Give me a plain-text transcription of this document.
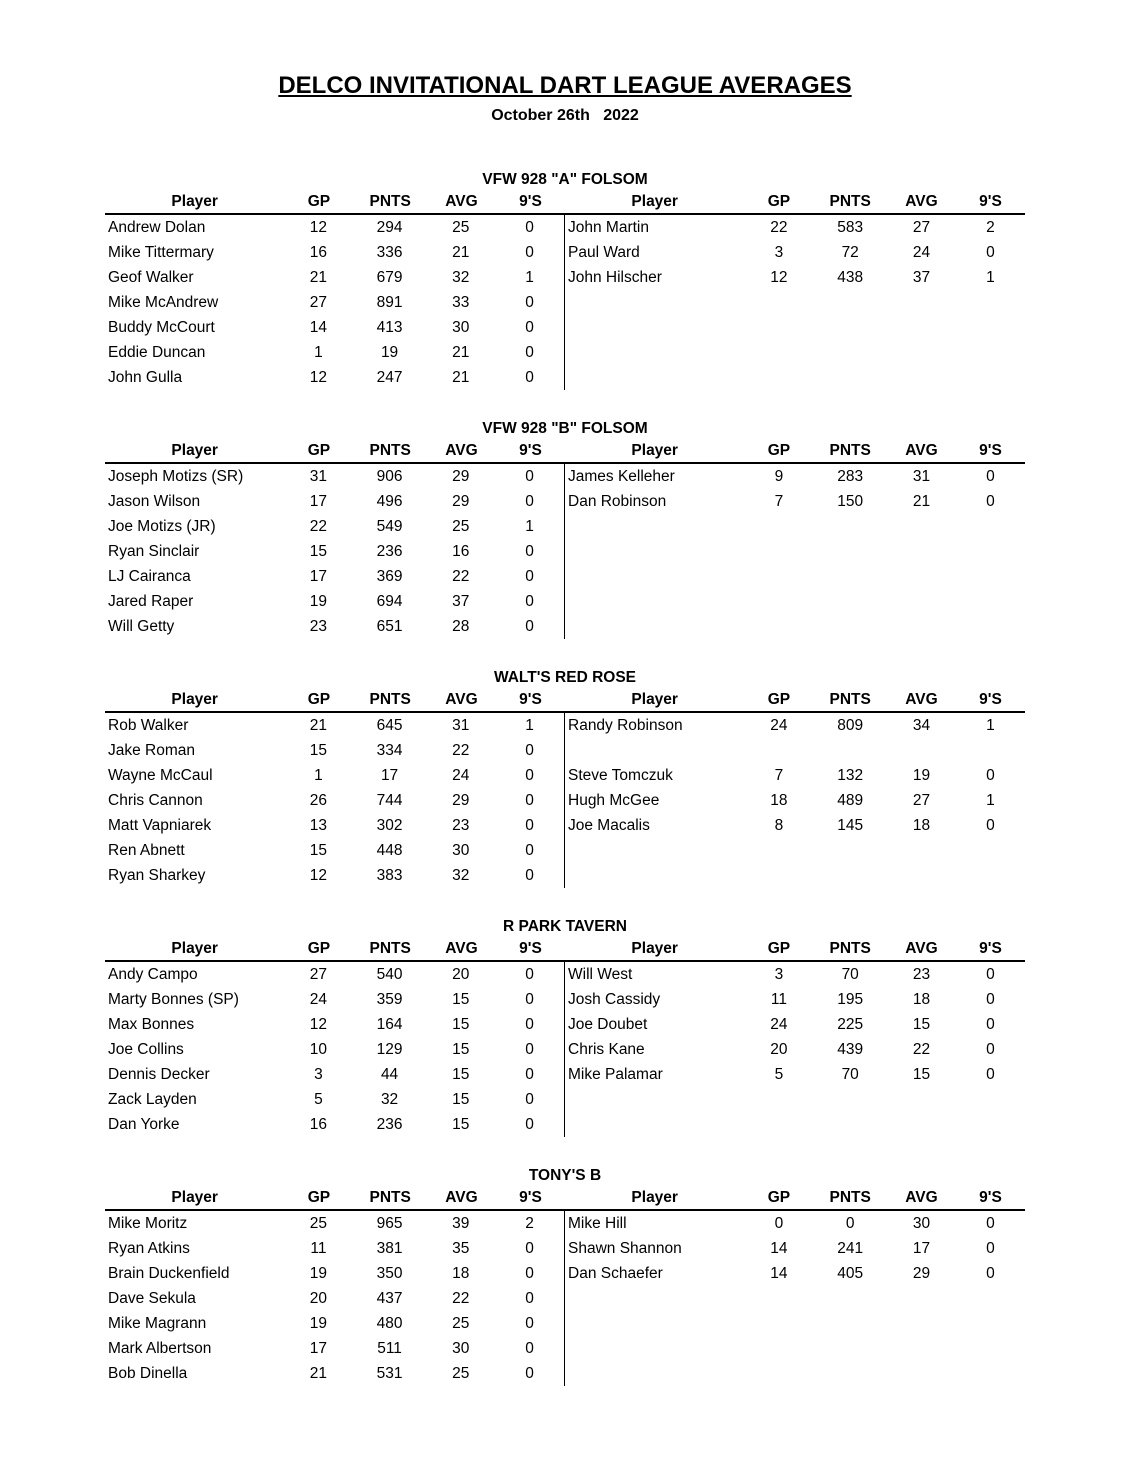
DELCO INVITATIONAL DART LEAGUE AVERAGES
October 26th   2022
VFW 928 "A" FOLSOM
Player	GP	PNTS	AVG	9'S	Player	GP	PNTS	AVG	9'S
Andrew Dolan	12	294	25	0	John Martin	22	583	27	2
Mike Tittermary	16	336	21	0	Paul Ward	3	72	24	0
Geof Walker	21	679	32	1	John Hilscher	12	438	37	1
Mike McAndrew	27	891	33	0
Buddy McCourt	14	413	30	0
Eddie Duncan	1	19	21	0
John Gulla	12	247	21	0
VFW 928 "B" FOLSOM
Player	GP	PNTS	AVG	9'S	Player	GP	PNTS	AVG	9'S
Joseph Motizs (SR)	31	906	29	0	James Kelleher	9	283	31	0
Jason Wilson	17	496	29	0	Dan Robinson	7	150	21	0
Joe Motizs (JR)	22	549	25	1
Ryan Sinclair	15	236	16	0
LJ Cairanca	17	369	22	0
Jared Raper	19	694	37	0
Will Getty	23	651	28	0
WALT'S RED ROSE
Player	GP	PNTS	AVG	9'S	Player	GP	PNTS	AVG	9'S
Rob Walker	21	645	31	1	Randy Robinson	24	809	34	1
Jake Roman	15	334	22	0
Wayne McCaul	1	17	24	0	Steve Tomczuk	7	132	19	0
Chris Cannon	26	744	29	0	Hugh McGee	18	489	27	1
Matt Vapniarek	13	302	23	0	Joe Macalis	8	145	18	0
Ren Abnett	15	448	30	0
Ryan Sharkey	12	383	32	0
R PARK TAVERN
Player	GP	PNTS	AVG	9'S	Player	GP	PNTS	AVG	9'S
Andy Campo	27	540	20	0	Will West	3	70	23	0
Marty Bonnes (SP)	24	359	15	0	Josh Cassidy	11	195	18	0
Max Bonnes	12	164	15	0	Joe Doubet	24	225	15	0
Joe Collins	10	129	15	0	Chris Kane	20	439	22	0
Dennis Decker	3	44	15	0	Mike Palamar	5	70	15	0
Zack Layden	5	32	15	0
Dan Yorke	16	236	15	0
TONY'S B
Player	GP	PNTS	AVG	9'S	Player	GP	PNTS	AVG	9'S
Mike Moritz	25	965	39	2	Mike Hill	0	0	30	0
Ryan Atkins	11	381	35	0	Shawn Shannon	14	241	17	0
Brain Duckenfield	19	350	18	0	Dan Schaefer	14	405	29	0
Dave Sekula	20	437	22	0
Mike Magrann	19	480	25	0
Mark Albertson	17	511	30	0
Bob Dinella	21	531	25	0
